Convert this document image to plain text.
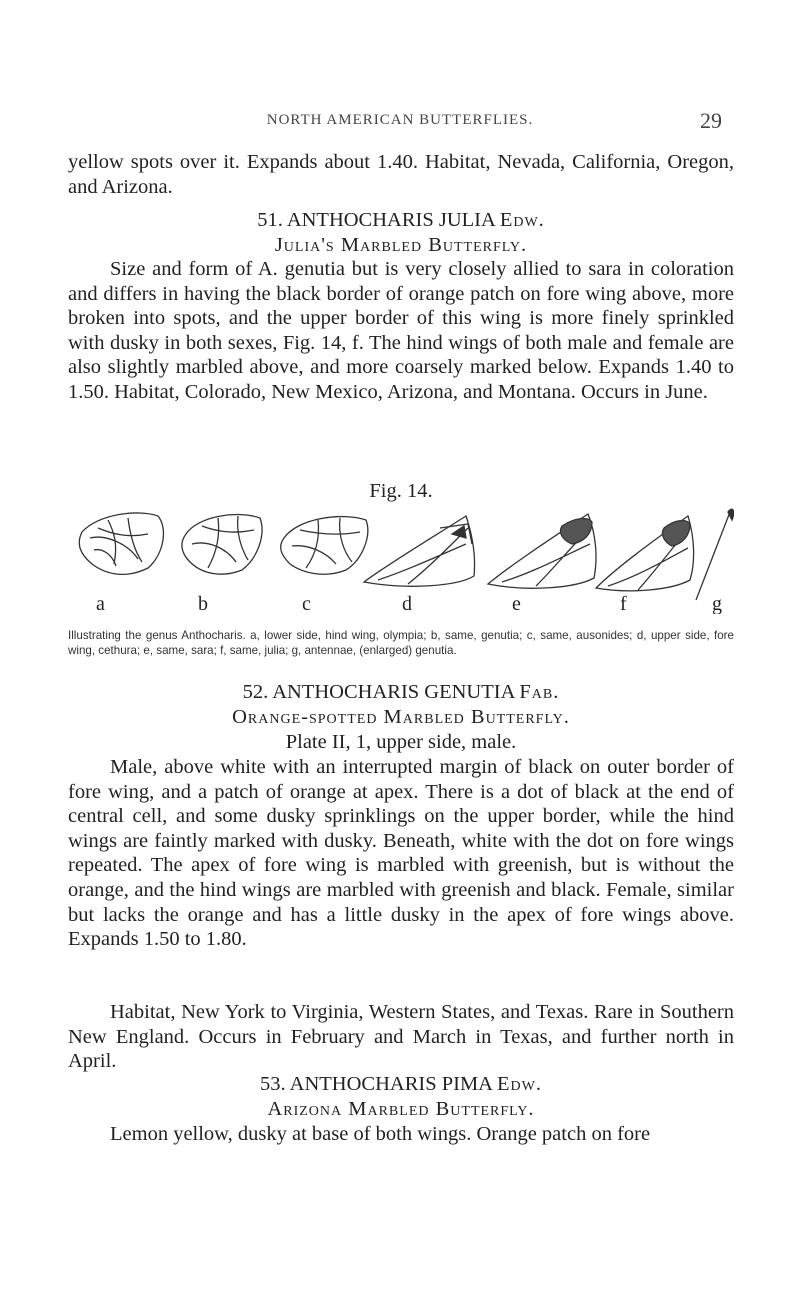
NORTH AMERICAN BUTTERFLIES.	29

yellow spots over it. Expands about 1.40. Habitat, Nevada, California, Oregon, and Arizona.

51. ANTHOCHARIS JULIA Edw.

Julia's Marbled Butterfly.

Size and form of A. genutia but is very closely allied to sara in coloration and differs in having the black border of orange patch on fore wing above, more broken into spots, and the upper border of this wing is more finely sprinkled with dusky in both sexes, Fig. 14, f. The hind wings of both male and female are also slightly marbled above, and more coarsely marked below. Expands 1.40 to 1.50. Habitat, Colorado, New Mexico, Arizona, and Montana. Occurs in June.

Fig. 14.

a	b	c	d	e	f	g

Illustrating the genus Anthocharis. a, lower side, hind wing, olympia; b, same, genutia; c, same, ausonides; d, upper side, fore wing, cethura; e, same, sara; f, same, julia; g, antennae, (enlarged) genutia.

52. ANTHOCHARIS GENUTIA Fab.

Orange-spotted Marbled Butterfly.

Plate II, 1, upper side, male.

Male, above white with an interrupted margin of black on outer border of fore wing, and a patch of orange at apex. There is a dot of black at the end of central cell, and some dusky sprinklings on the upper border, while the hind wings are faintly marked with dusky. Beneath, white with the dot on fore wings repeated. The apex of fore wing is marbled with greenish, but is without the orange, and the hind wings are marbled with greenish and black. Female, similar but lacks the orange and has a little dusky in the apex of fore wings above. Expands 1.50 to 1.80.

Habitat, New York to Virginia, Western States, and Texas. Rare in Southern New England. Occurs in February and March in Texas, and further north in April.

53. ANTHOCHARIS PIMA Edw.

Arizona Marbled Butterfly.

Lemon yellow, dusky at base of both wings. Orange patch on fore
